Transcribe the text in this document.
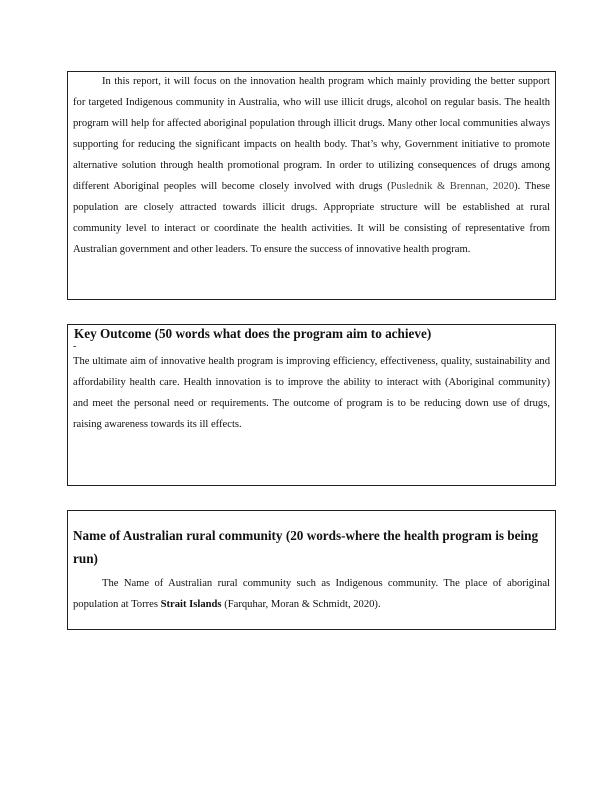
In this report, it will focus on the innovation health program which mainly providing the better support for targeted Indigenous community in Australia, who will use illicit drugs, alcohol on regular basis. The health program will help for affected aboriginal population through illicit drugs. Many other local communities always supporting for reducing the significant impacts on health body. That’s why, Government initiative to promote alternative solution through health promotional program. In order to utilizing consequences of drugs among different Aboriginal peoples will become closely involved with drugs (Puslednik & Brennan, 2020). These population are closely attracted towards illicit drugs. Appropriate structure will be established at rural community level to interact or coordinate the health activities. It will be consisting of representative from Australian government and other leaders. To ensure the success of innovative health program.

Key Outcome (50 words what does the program aim to achieve)

-

The ultimate aim of innovative health program is improving efficiency, effectiveness, quality, sustainability and affordability health care. Health innovation is to improve the ability to interact with (Aboriginal community) and meet the personal need or requirements. The outcome of program is to be reducing down use of drugs, raising awareness towards its ill effects.

Name of Australian rural community (20 words-where the health program is being run)

The Name of Australian rural community such as Indigenous community. The place of aboriginal population at Torres Strait Islands (Farquhar, Moran & Schmidt, 2020).
